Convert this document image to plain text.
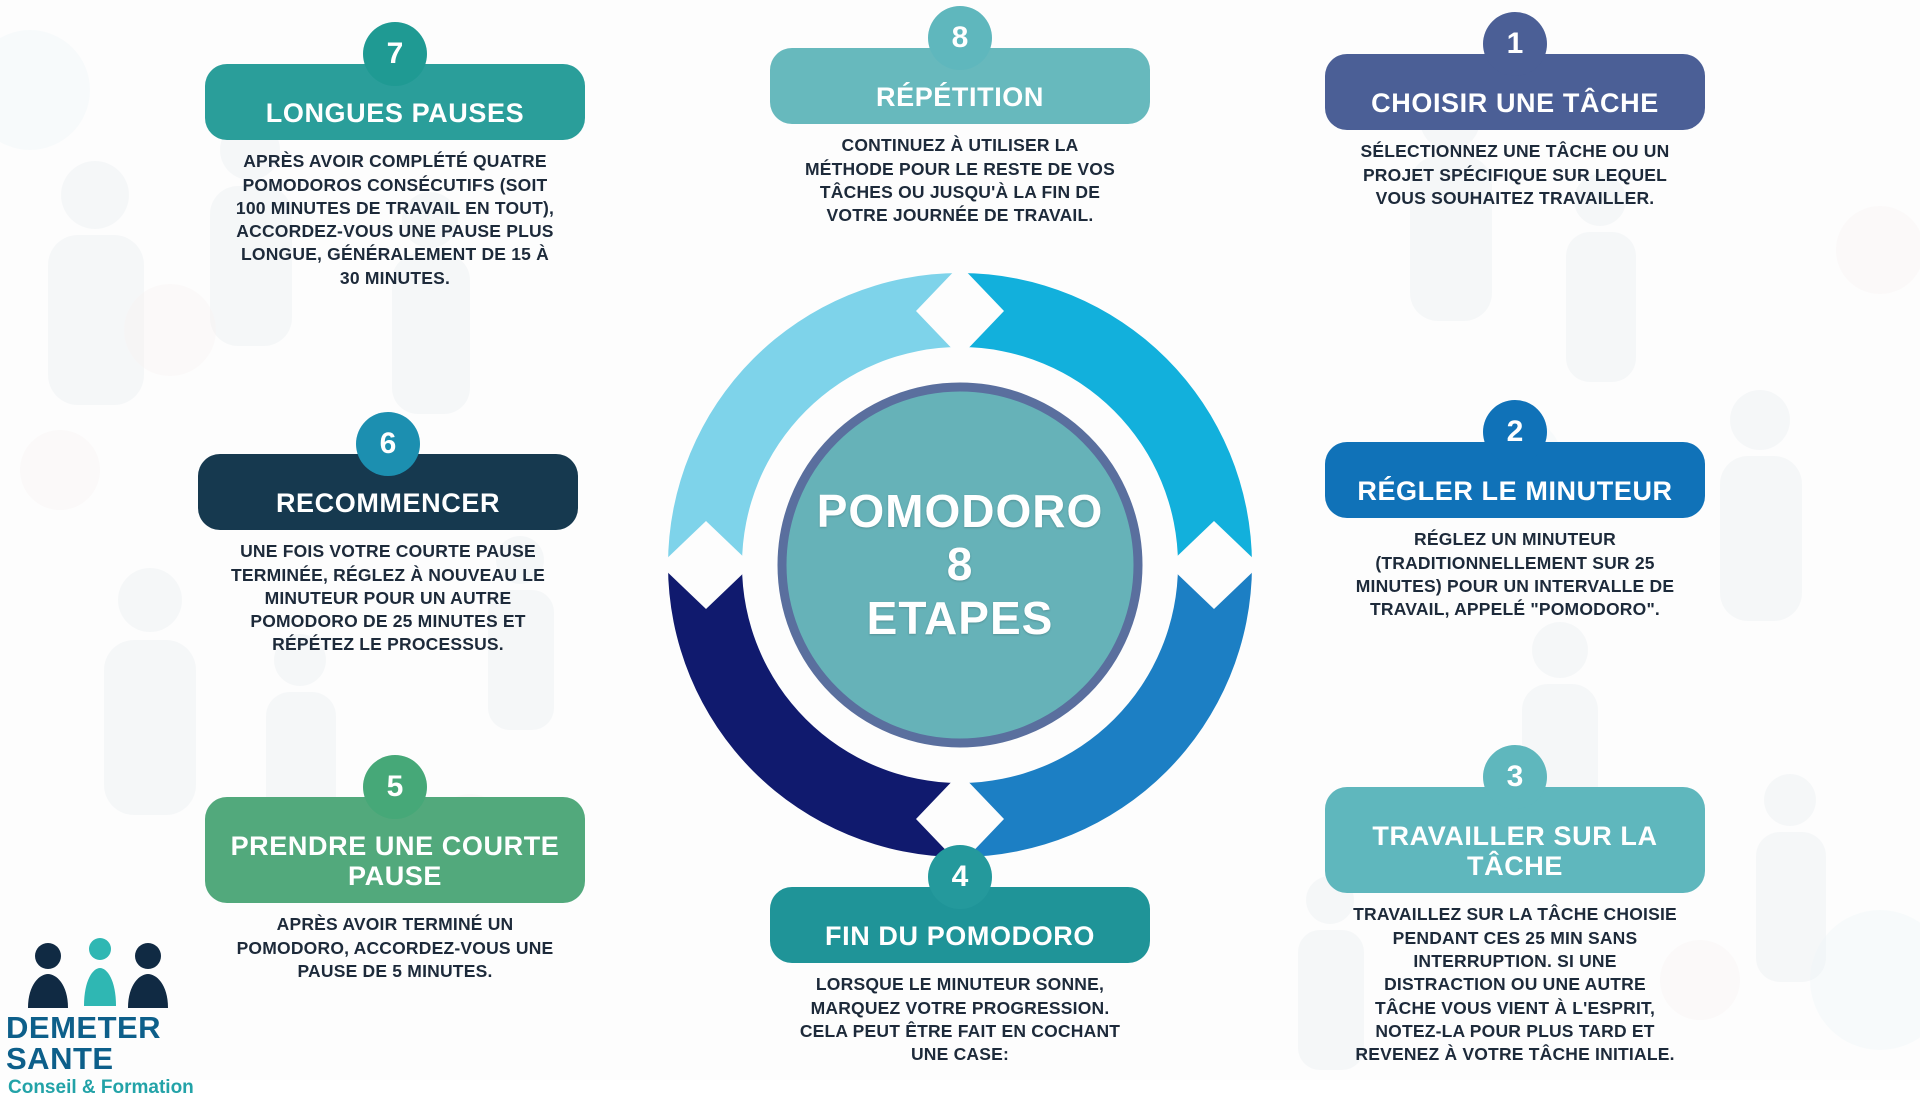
POMODORO
8
ETAPES
1
CHOISIR UNE TÂCHE
SÉLECTIONNEZ UNE TÂCHE OU UN PROJET SPÉCIFIQUE SUR LEQUEL VOUS SOUHAITEZ TRAVAILLER.
2
RÉGLER LE MINUTEUR
RÉGLEZ UN MINUTEUR (TRADITIONNELLEMENT SUR 25 MINUTES) POUR UN INTERVALLE DE TRAVAIL, APPELÉ "POMODORO".
3
TRAVAILLER SUR LA TÂCHE
TRAVAILLEZ SUR LA TÂCHE CHOISIE PENDANT CES 25 MIN SANS INTERRUPTION. SI UNE DISTRACTION OU UNE AUTRE TÂCHE VOUS VIENT À L'ESPRIT, NOTEZ-LA POUR PLUS TARD ET REVENEZ À VOTRE TÂCHE INITIALE.
4
FIN DU POMODORO
LORSQUE LE MINUTEUR SONNE, MARQUEZ VOTRE PROGRESSION. CELA PEUT ÊTRE FAIT EN COCHANT UNE CASE:
5
PRENDRE UNE COURTE PAUSE
APRÈS AVOIR TERMINÉ UN POMODORO, ACCORDEZ-VOUS UNE PAUSE DE 5 MINUTES.
6
RECOMMENCER
UNE FOIS VOTRE COURTE PAUSE TERMINÉE, RÉGLEZ À NOUVEAU LE MINUTEUR POUR UN AUTRE POMODORO DE 25 MINUTES ET RÉPÉTEZ LE PROCESSUS.
7
LONGUES PAUSES
APRÈS AVOIR COMPLÉTÉ QUATRE POMODOROS CONSÉCUTIFS (SOIT 100 MINUTES DE TRAVAIL EN TOUT), ACCORDEZ-VOUS UNE PAUSE PLUS LONGUE, GÉNÉRALEMENT DE 15 À 30 MINUTES.
8
RÉPÉTITION
CONTINUEZ À UTILISER LA MÉTHODE POUR LE RESTE DE VOS TÂCHES OU JUSQU'À LA FIN DE VOTRE JOURNÉE DE TRAVAIL.
DEMETER SANTE
Conseil & Formation
